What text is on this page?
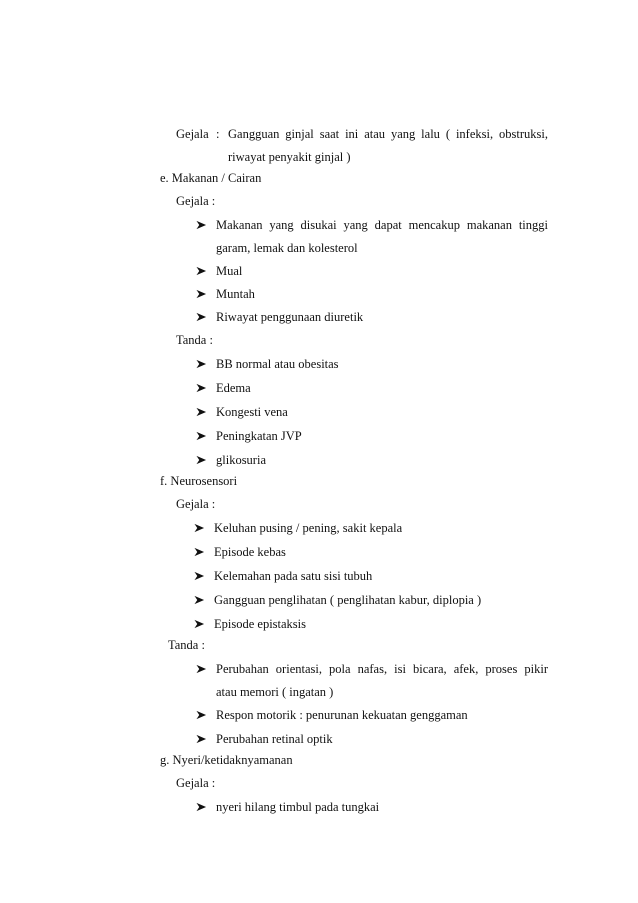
Gejala : Gangguan ginjal saat ini atau yang lalu ( infeksi, obstruksi,
riwayat penyakit ginjal )
e. Makanan / Cairan
Gejala :
Makanan yang disukai yang dapat mencakup makanan tinggi
garam, lemak dan kolesterol
Mual
Muntah
Riwayat penggunaan diuretik
Tanda :
BB normal atau obesitas
Edema
Kongesti vena
Peningkatan JVP
glikosuria
f. Neurosensori
Gejala :
Keluhan pusing / pening, sakit kepala
Episode kebas
Kelemahan pada satu sisi tubuh
Gangguan penglihatan ( penglihatan kabur, diplopia )
Episode epistaksis
Tanda :
Perubahan orientasi, pola nafas, isi bicara, afek, proses pikir
atau memori ( ingatan )
Respon motorik : penurunan kekuatan genggaman
Perubahan retinal optik
g. Nyeri/ketidaknyamanan
Gejala :
nyeri hilang timbul pada tungkai
